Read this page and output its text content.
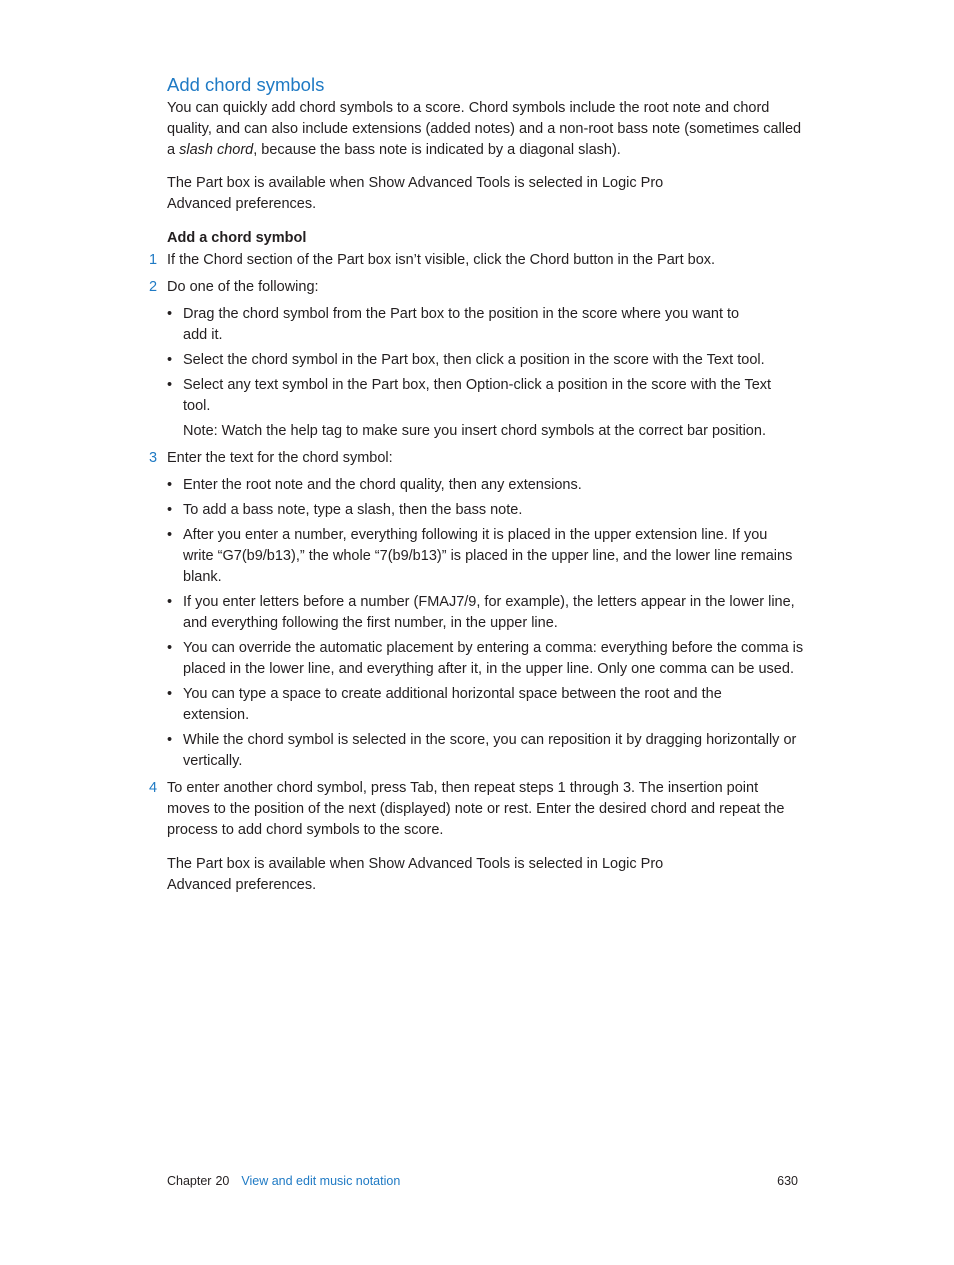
Add chord symbols

You can quickly add chord symbols to a score. Chord symbols include the root note and chord quality, and can also include extensions (added notes) and a non-root bass note (sometimes called a slash chord, because the bass note is indicated by a diagonal slash).

The Part box is available when Show Advanced Tools is selected in Logic Pro Advanced preferences.

Add a chord symbol

1 If the Chord section of the Part box isn’t visible, click the Chord button in the Part box.

2 Do one of the following:

• Drag the chord symbol from the Part box to the position in the score where you want to add it.
• Select the chord symbol in the Part box, then click a position in the score with the Text tool.
• Select any text symbol in the Part box, then Option-click a position in the score with the Text tool.

Note: Watch the help tag to make sure you insert chord symbols at the correct bar position.

3 Enter the text for the chord symbol:

• Enter the root note and the chord quality, then any extensions.
• To add a bass note, type a slash, then the bass note.
• After you enter a number, everything following it is placed in the upper extension line. If you write “G7(b9/b13),” the whole “7(b9/b13)” is placed in the upper line, and the lower line remains blank.
• If you enter letters before a number (FMAJ7/9, for example), the letters appear in the lower line, and everything following the first number, in the upper line.
• You can override the automatic placement by entering a comma: everything before the comma is placed in the lower line, and everything after it, in the upper line. Only one comma can be used.
• You can type a space to create additional horizontal space between the root and the extension.
• While the chord symbol is selected in the score, you can reposition it by dragging horizontally or vertically.
4 To enter another chord symbol, press Tab, then repeat steps 1 through 3. The insertion point moves to the position of the next (displayed) note or rest. Enter the desired chord and repeat the process to add chord symbols to the score.

The Part box is available when Show Advanced Tools is selected in Logic Pro Advanced preferences.

Chapter 20 View and edit music notation	630
